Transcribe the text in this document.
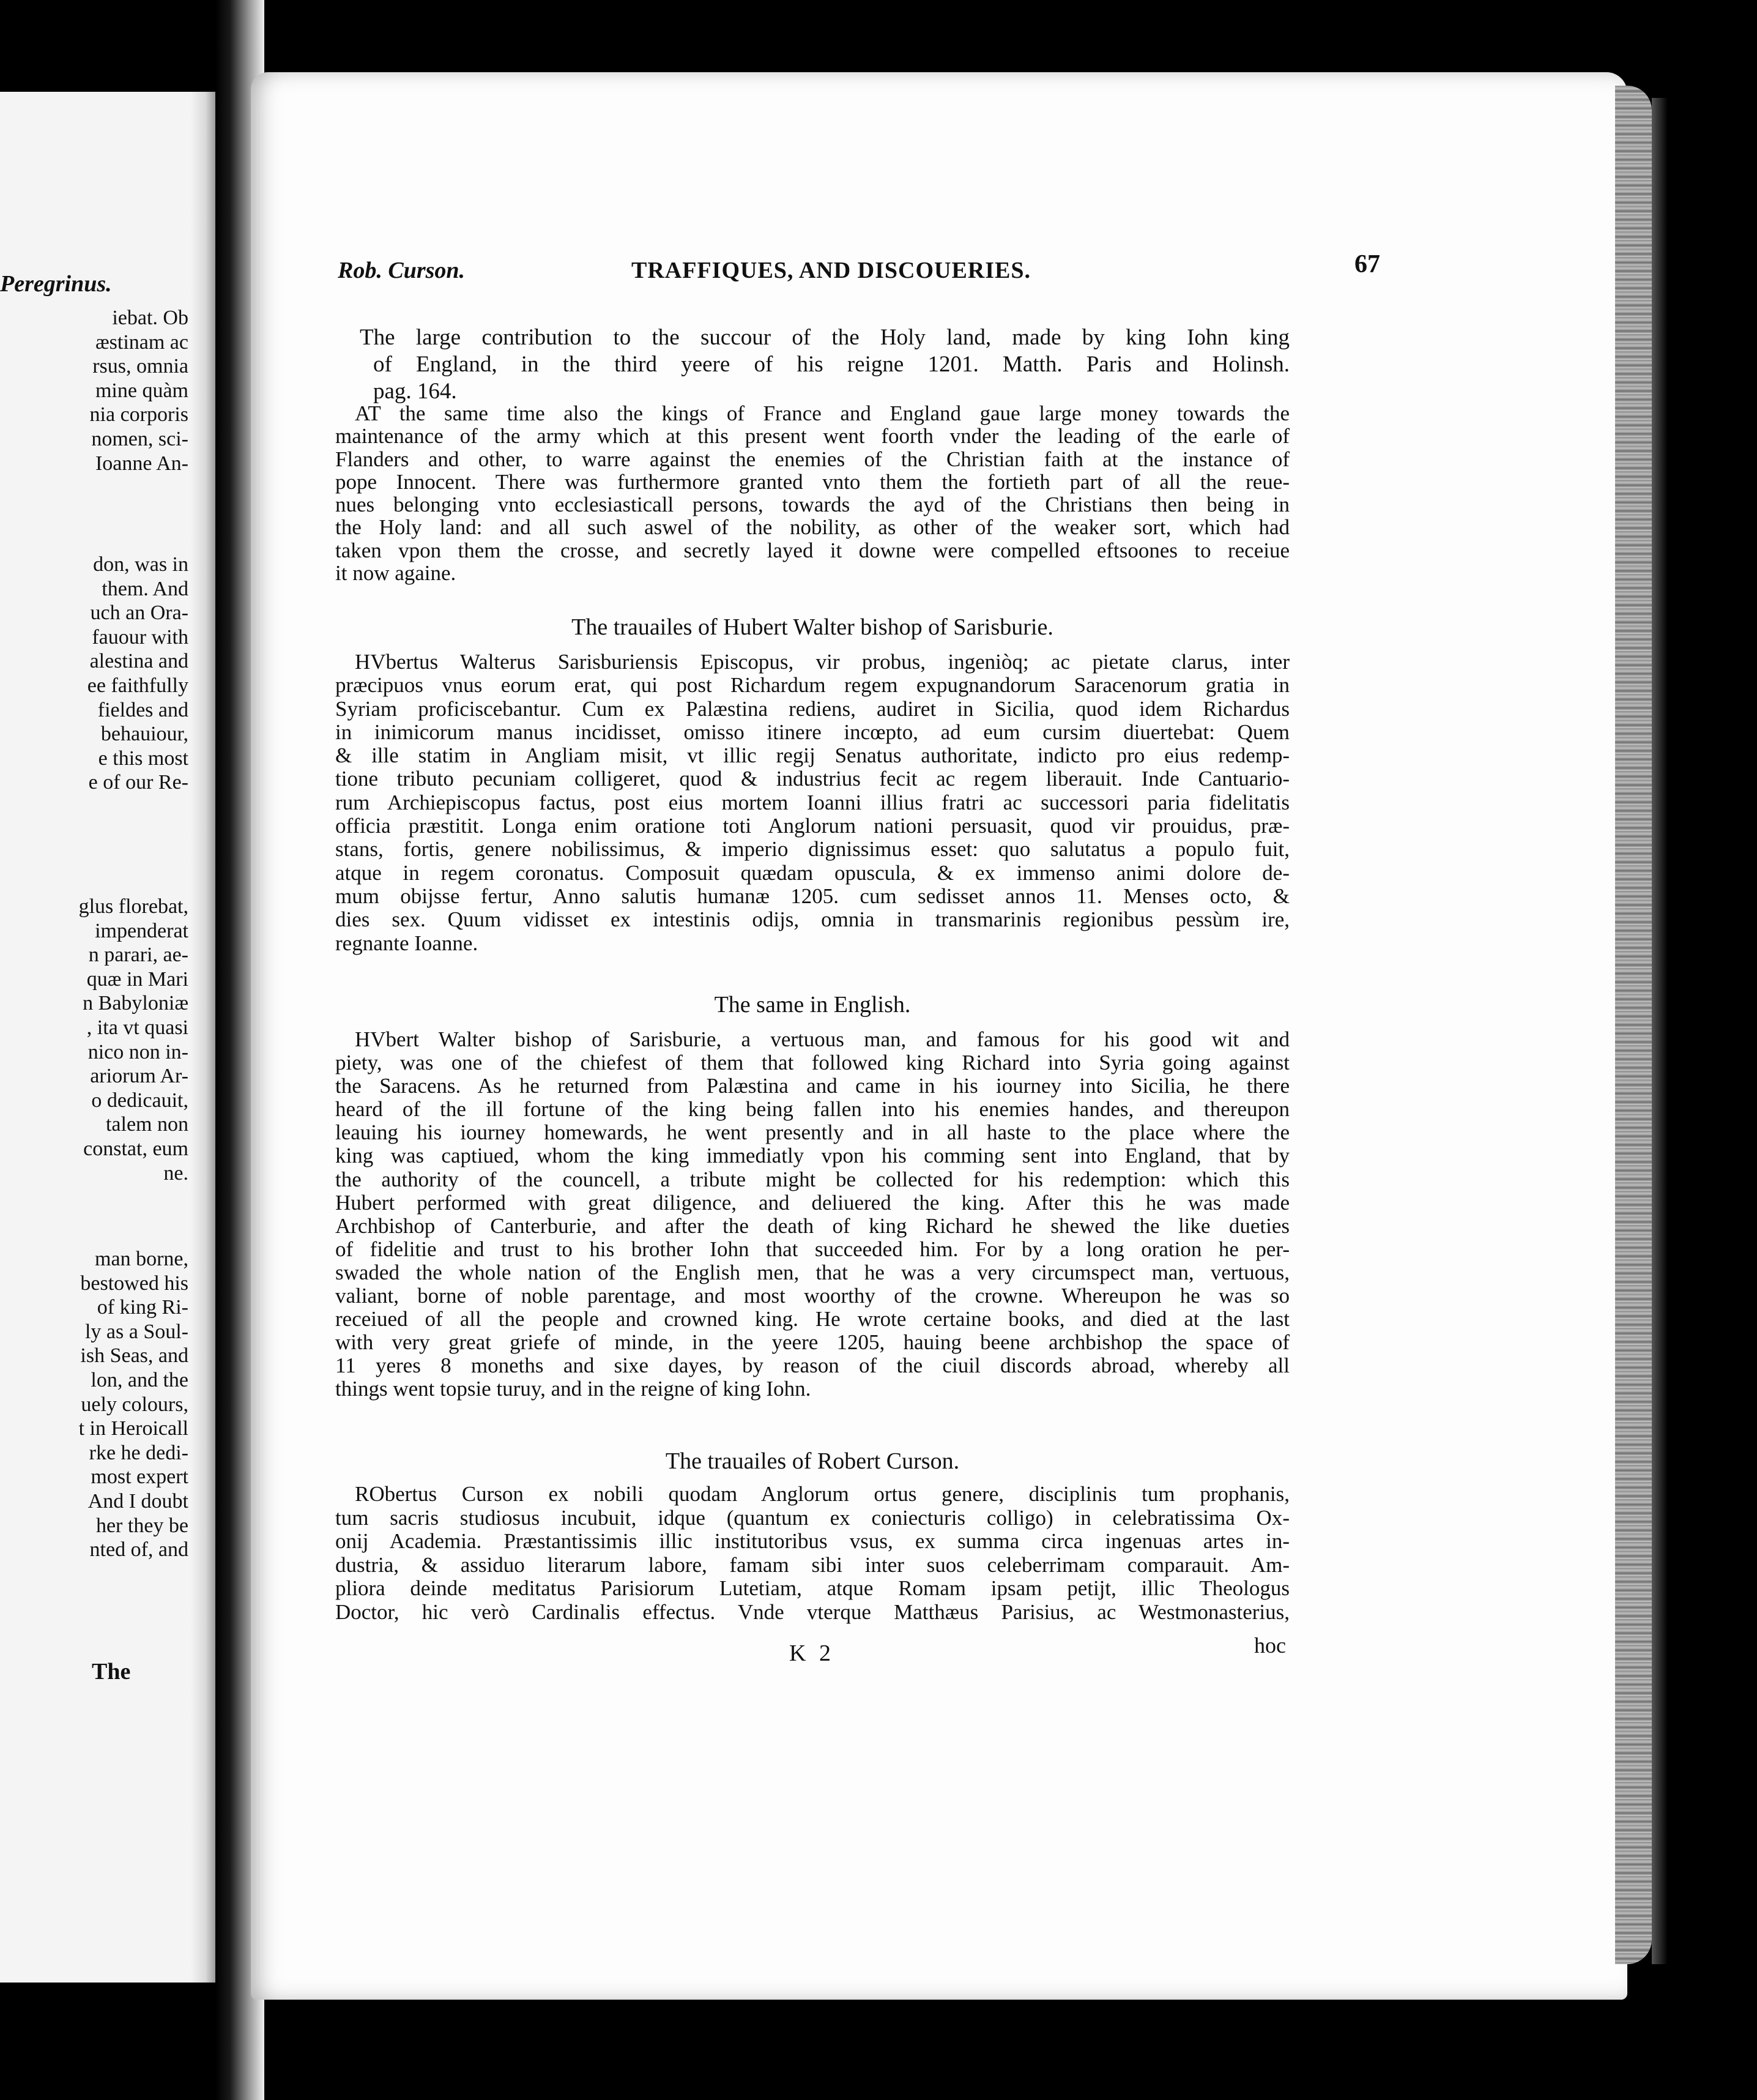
Peregrinus.
iebat. Ob
æstinam ac
rsus, omnia
mine quàm
nia corporis
nomen, sci-
Ioanne An-
don, was in
them. And
uch an Ora-
fauour with
alestina and
ee faithfully
fieldes and
behauiour,
e this most
e of our Re-
glus florebat,
impenderat
n parari, ae-
quæ in Mari
n Babyloniæ
, ita vt quasi
nico non in-
ariorum Ar-
o dedicauit,
talem non
constat, eum
ne.
man borne,
bestowed his
of king Ri-
ly as a Soul-
ish Seas, and
lon, and the
uely colours,
t in Heroicall
rke he dedi-
most expert
And I doubt
her they be
nted of, and
The
Rob. Curson.	TRAFFIQUES, AND DISCOUERIES.	67
The large contribution to the succour of the Holy land, made by king Iohn king
of England, in the third yeere of his reigne 1201. Matth. Paris and Holinsh.
pag. 164.
AT the same time also the kings of France and England gaue large money towards the
maintenance of the army which at this present went foorth vnder the leading of the earle of
Flanders and other, to warre against the enemies of the Christian faith at the instance of
pope Innocent. There was furthermore granted vnto them the fortieth part of all the reue-
nues belonging vnto ecclesiasticall persons, towards the ayd of the Christians then being in
the Holy land: and all such aswel of the nobility, as other of the weaker sort, which had
taken vpon them the crosse, and secretly layed it downe were compelled eftsoones to receiue
it now againe.
The trauailes of Hubert Walter bishop of Sarisburie.
HVbertus Walterus Sarisburiensis Episcopus, vir probus, ingeniòq; ac pietate clarus, inter
præcipuos vnus eorum erat, qui post Richardum regem expugnandorum Saracenorum gratia in
Syriam proficiscebantur. Cum ex Palæstina rediens, audiret in Sicilia, quod idem Richardus
in inimicorum manus incidisset, omisso itinere incœpto, ad eum cursim diuertebat: Quem
& ille statim in Angliam misit, vt illic regij Senatus authoritate, indicto pro eius redemp-
tione tributo pecuniam colligeret, quod & industrius fecit ac regem liberauit. Inde Cantuario-
rum Archiepiscopus factus, post eius mortem Ioanni illius fratri ac successori paria fidelitatis
officia præstitit. Longa enim oratione toti Anglorum nationi persuasit, quod vir prouidus, præ-
stans, fortis, genere nobilissimus, & imperio dignissimus esset: quo salutatus a populo fuit,
atque in regem coronatus. Composuit quædam opuscula, & ex immenso animi dolore de-
mum obijsse fertur, Anno salutis humanæ 1205. cum sedisset annos 11. Menses octo, &
dies sex. Quum vidisset ex intestinis odijs, omnia in transmarinis regionibus pessùm ire,
regnante Ioanne.
The same in English.
HVbert Walter bishop of Sarisburie, a vertuous man, and famous for his good wit and
piety, was one of the chiefest of them that followed king Richard into Syria going against
the Saracens. As he returned from Palæstina and came in his iourney into Sicilia, he there
heard of the ill fortune of the king being fallen into his enemies handes, and thereupon
leauing his iourney homewards, he went presently and in all haste to the place where the
king was captiued, whom the king immediatly vpon his comming sent into England, that by
the authority of the councell, a tribute might be collected for his redemption: which this
Hubert performed with great diligence, and deliuered the king. After this he was made
Archbishop of Canterburie, and after the death of king Richard he shewed the like dueties
of fidelitie and trust to his brother Iohn that succeeded him. For by a long oration he per-
swaded the whole nation of the English men, that he was a very circumspect man, vertuous,
valiant, borne of noble parentage, and most woorthy of the crowne. Whereupon he was so
receiued of all the people and crowned king. He wrote certaine books, and died at the last
with very great griefe of minde, in the yeere 1205, hauing beene archbishop the space of
11 yeres 8 moneths and sixe dayes, by reason of the ciuil discords abroad, whereby all
things went topsie turuy, and in the reigne of king Iohn.
The trauailes of Robert Curson.
RObertus Curson ex nobili quodam Anglorum ortus genere, disciplinis tum prophanis,
tum sacris studiosus incubuit, idque (quantum ex coniecturis colligo) in celebratissima Ox-
onij Academia. Præstantissimis illic institutoribus vsus, ex summa circa ingenuas artes in-
dustria, & assiduo literarum labore, famam sibi inter suos celeberrimam comparauit. Am-
pliora deinde meditatus Parisiorum Lutetiam, atque Romam ipsam petijt, illic Theologus
Doctor, hic verò Cardinalis effectus. Vnde vterque Matthæus Parisius, ac Westmonasterius,
K 2	hoc
